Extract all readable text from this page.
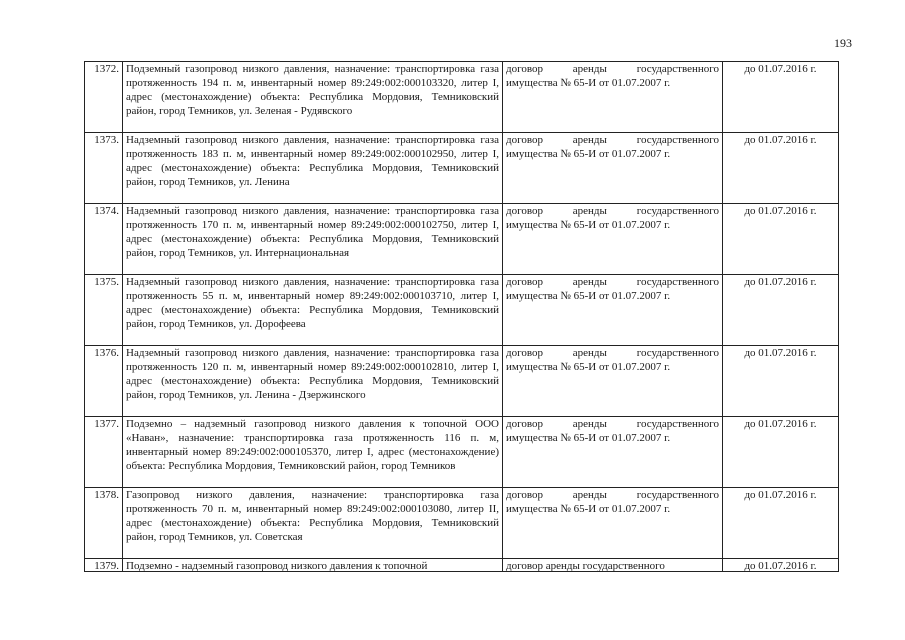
193
1372.	Подземный газопровод низкого давления, назначение: транспортировка газа протяженность 194 п. м, инвентарный номер 89:249:002:000103320, литер I, адрес (местонахождение) объекта: Республика Мордовия, Темниковский район, город Темников, ул. Зеленая - Рудявского	договор аренды государственного имущества № 65-И от 01.07.2007 г.	до 01.07.2016 г.
1373.	Надземный газопровод низкого давления, назначение: транспортировка газа протяженность 183 п. м, инвентарный номер 89:249:002:000102950, литер I, адрес (местонахождение) объекта: Республика Мордовия, Темниковский район, город Темников, ул. Ленина	договор аренды государственного имущества № 65-И от 01.07.2007 г.	до 01.07.2016 г.
1374.	Надземный газопровод низкого давления, назначение: транспортировка газа протяженность 170 п. м, инвентарный номер 89:249:002:000102750, литер I, адрес (местонахождение) объекта: Республика Мордовия, Темниковский район, город Темников, ул. Интернациональная	договор аренды государственного имущества № 65-И от 01.07.2007 г.	до 01.07.2016 г.
1375.	Надземный газопровод низкого давления, назначение: транспортировка газа протяженность 55 п. м, инвентарный номер 89:249:002:000103710, литер I, адрес (местонахождение) объекта: Республика Мордовия, Темниковский район, город Темников, ул. Дорофеева	договор аренды государственного имущества № 65-И от 01.07.2007 г.	до 01.07.2016 г.
1376.	Надземный газопровод низкого давления, назначение: транспортировка газа протяженность 120 п. м, инвентарный номер 89:249:002:000102810, литер I, адрес (местонахождение) объекта: Республика Мордовия, Темниковский район, город Темников, ул. Ленина - Дзержинского	договор аренды государственного имущества № 65-И от 01.07.2007 г.	до 01.07.2016 г.
1377.	Подземно – надземный газопровод низкого давления к топочной ООО «Наван», назначение: транспортировка газа протяженность 116 п. м, инвентарный номер 89:249:002:000105370, литер I, адрес (местонахождение) объекта: Республика Мордовия, Темниковский район, город Темников	договор аренды государственного имущества № 65-И от 01.07.2007 г.	до 01.07.2016 г.
1378.	Газопровод низкого давления, назначение: транспортировка газа протяженность 70 п. м, инвентарный номер 89:249:002:000103080, литер II, адрес (местонахождение) объекта: Республика Мордовия, Темниковский район, город Темников, ул. Советская	договор аренды государственного имущества № 65-И от 01.07.2007 г.	до 01.07.2016 г.

1379.	Подземно - надземный газопровод низкого давления к топочной	договор аренды государственного	до 01.07.2016 г.
